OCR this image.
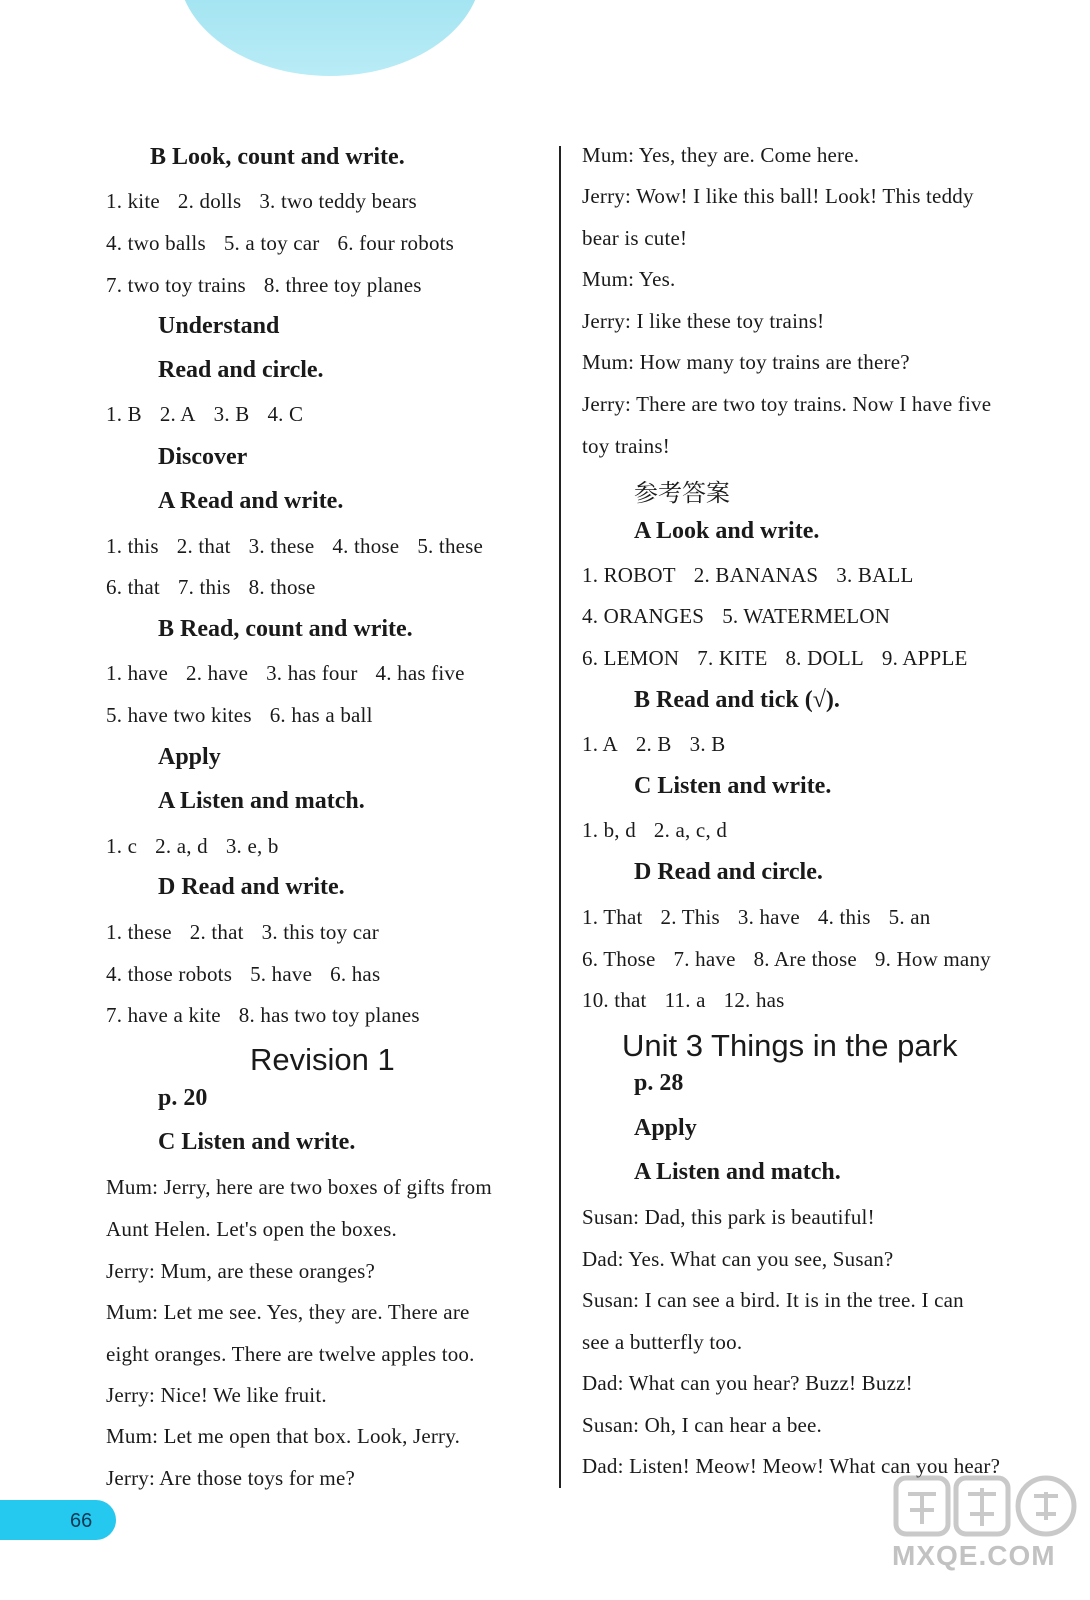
B Look, count and write.
1. kite 2. dolls 3. two teddy bears
4. two balls 5. a toy car 6. four robots
7. two toy trains 8. three toy planes
Understand
Read and circle.
1. B 2. A 3. B 4. C
Discover
A Read and write.
1. this 2. that 3. these 4. those 5. these
6. that 7. this 8. those
B Read, count and write.
1. have 2. have 3. has four 4. has five
5. have two kites 6. has a ball
Apply
A Listen and match.
1. c 2. a, d 3. e, b
D Read and write.
1. these 2. that 3. this toy car
4. those robots 5. have 6. has
7. have a kite 8. has two toy planes
Revision 1
p. 20
C Listen and write.
Mum: Jerry, here are two boxes of gifts from
Aunt Helen. Let's open the boxes.
Jerry: Mum, are these oranges?
Mum: Let me see. Yes, they are. There are
eight oranges. There are twelve apples too.
Jerry: Nice! We like fruit.
Mum: Let me open that box. Look, Jerry.
Jerry: Are those toys for me?
Mum: Yes, they are. Come here.
Jerry: Wow! I like this ball! Look! This teddy
bear is cute!
Mum: Yes.
Jerry: I like these toy trains!
Mum: How many toy trains are there?
Jerry: There are two toy trains. Now I have five
toy trains!
参考答案
A Look and write.
1. ROBOT 2. BANANAS 3. BALL
4. ORANGES 5. WATERMELON
6. LEMON 7. KITE 8. DOLL 9. APPLE
B Read and tick (√).
1. A 2. B 3. B
C Listen and write.
1. b, d 2. a, c, d
D Read and circle.
1. That 2. This 3. have 4. this 5. an
6. Those 7. have 8. Are those 9. How many
10. that 11. a 12. has
Unit 3 Things in the park
p. 28
Apply
A Listen and match.
Susan: Dad, this park is beautiful!
Dad: Yes. What can you see, Susan?
Susan: I can see a bird. It is in the tree. I can
see a butterfly too.
Dad: What can you hear? Buzz! Buzz!
Susan: Oh, I can hear a bee.
Dad: Listen! Meow! Meow! What can you hear?
66
MXQE.COM
